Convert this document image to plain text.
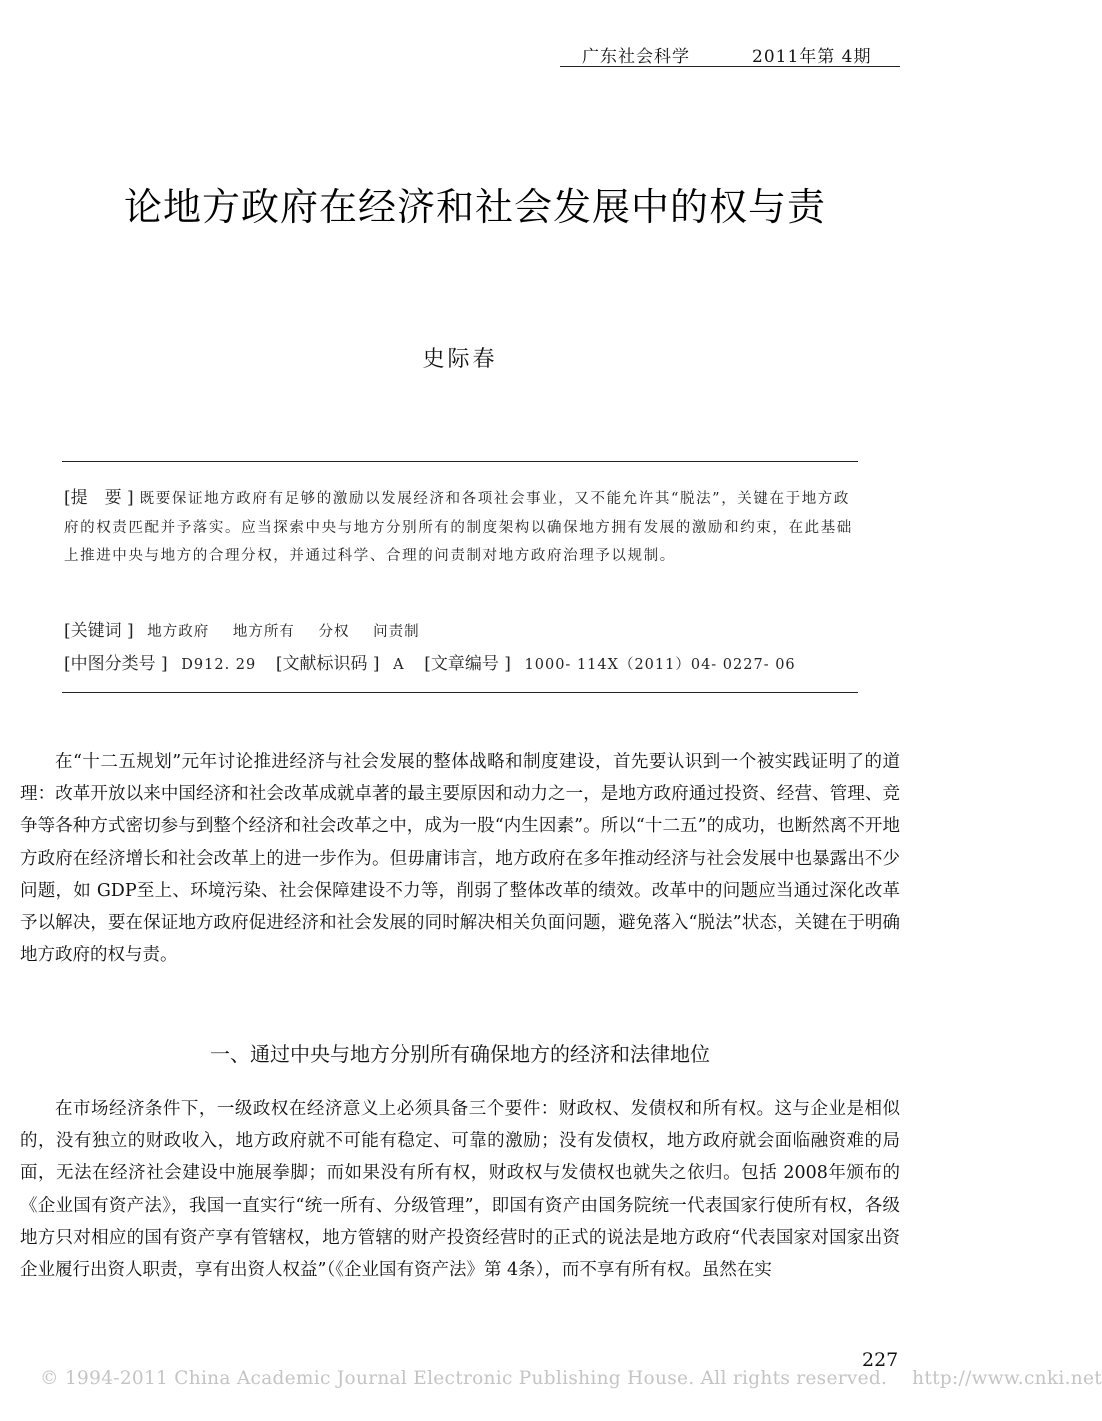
广东社会科学	2011年第 4期
论地方政府在经济和社会发展中的权与责
史际春
[提　要 ] 既要保证地方政府有足够的激励以发展经济和各项社会事业，又不能允许其“脱法”，关键在于地方政府的权责匹配并予落实。应当探索中央与地方分别所有的制度架构以确保地方拥有发展的激励和约束，在此基础上推进中央与地方的合理分权，并通过科学、合理的问责制对地方政府治理予以规制。
[关键词 ] 地方政府 地方所有 分权 问责制
[中图分类号 ] D912. 29 [文献标识码 ] A [文章编号 ] 1000- 114X（2011）04- 0227- 06

在“十二五规划”元年讨论推进经济与社会发展的整体战略和制度建设，首先要认识到一个被实践证明了的道理：改革开放以来中国经济和社会改革成就卓著的最主要原因和动力之一，是地方政府通过投资、经营、管理、竞争等各种方式密切参与到整个经济和社会改革之中，成为一股“内生因素”。所以“十二五”的成功，也断然离不开地方政府在经济增长和社会改革上的进一步作为。但毋庸讳言，地方政府在多年推动经济与社会发展中也暴露出不少问题，如 GDP至上、环境污染、社会保障建设不力等，削弱了整体改革的绩效。改革中的问题应当通过深化改革予以解决，要在保证地方政府促进经济和社会发展的同时解决相关负面问题，避免落入“脱法”状态，关键在于明确地方政府的权与责。

一、通过中央与地方分别所有确保地方的经济和法律地位

在市场经济条件下，一级政权在经济意义上必须具备三个要件：财政权、发债权和所有权。这与企业是相似的，没有独立的财政收入，地方政府就不可能有稳定、可靠的激励；没有发债权，地方政府就会面临融资难的局面，无法在经济社会建设中施展拳脚；而如果没有所有权，财政权与发债权也就失之依归。包括 2008年颁布的《企业国有资产法》，我国一直实行“统一所有、分级管理”，即国有资产由国务院统一代表国家行使所有权，各级地方只对相应的国有资产享有管辖权，地方管辖的财产投资经营时的正式的说法是地方政府“代表国家对国家出资企业履行出资人职责，享有出资人权益”（《企业国有资产法》第 4条），而不享有所有权。虽然在实

227
© 1994-2011 China Academic Journal Electronic Publishing House. All rights reserved.　 http://www.cnki.net
